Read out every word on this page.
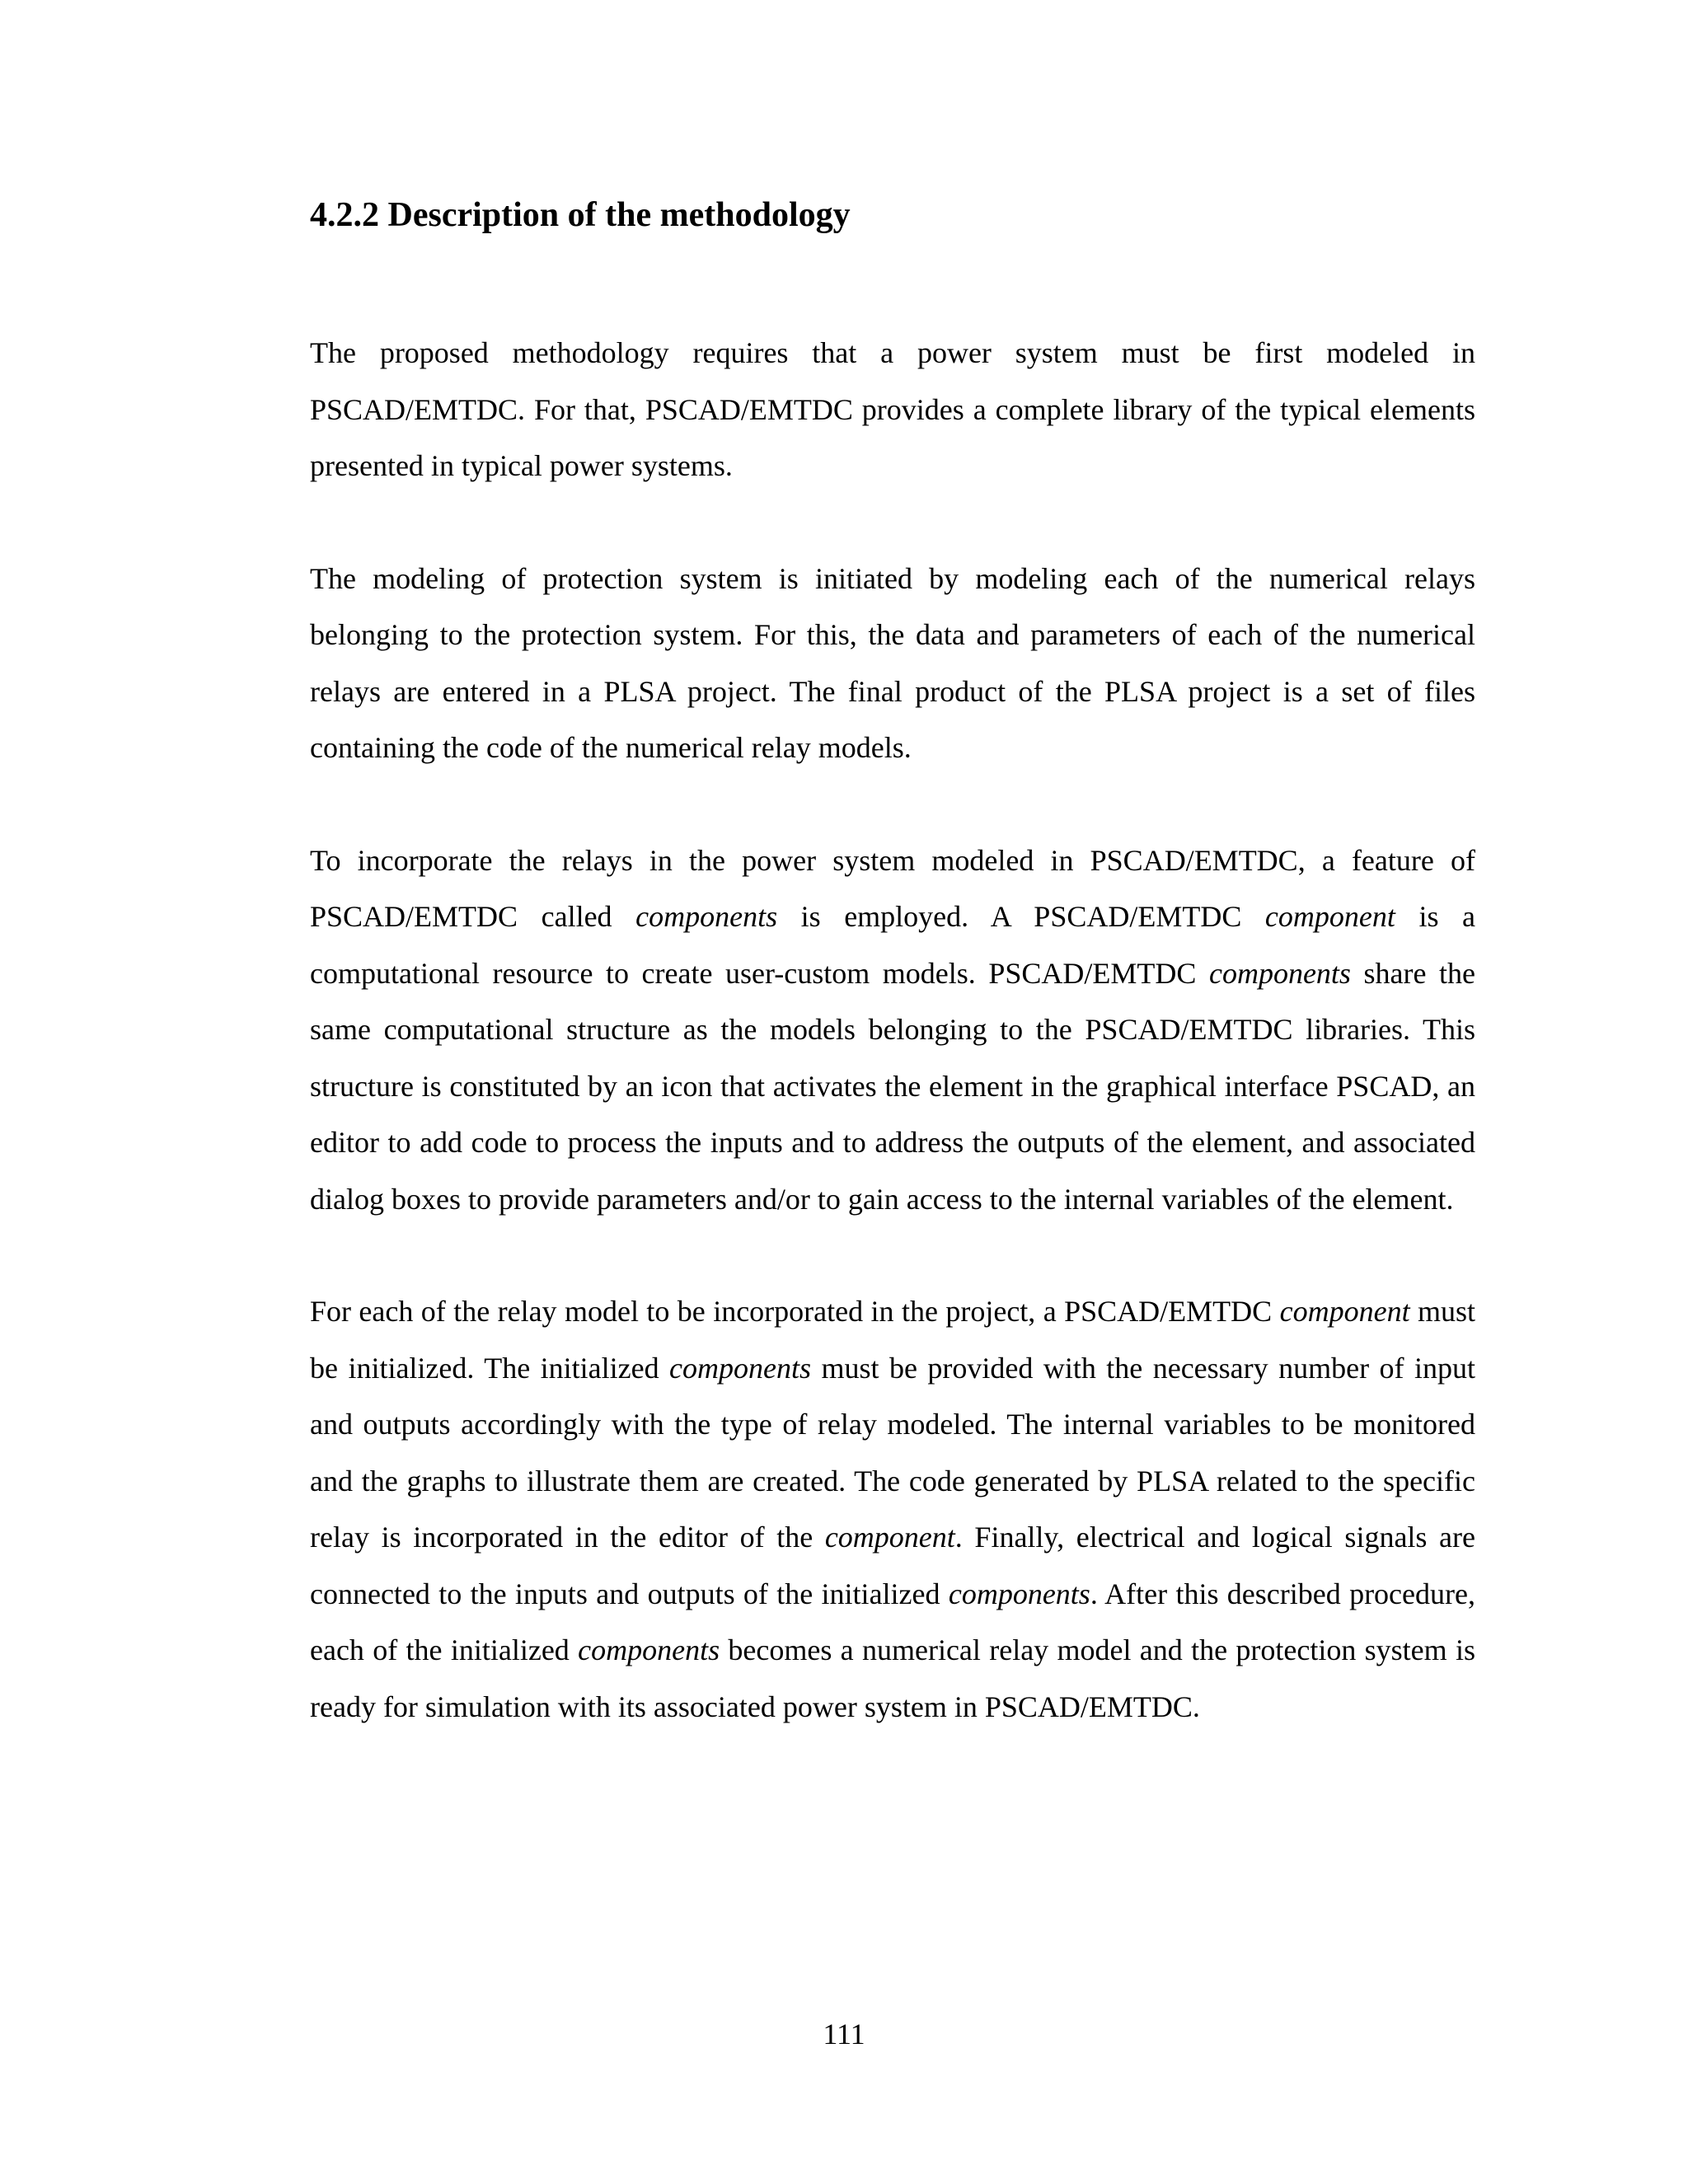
4.2.2 Description of the methodology

The proposed methodology requires that a power system must be first modeled in PSCAD/EMTDC. For that, PSCAD/EMTDC provides a complete library of the typical elements presented in typical power systems.

The modeling of protection system is initiated by modeling each of the numerical relays belonging to the protection system. For this, the data and parameters of each of the numerical relays are entered in a PLSA project. The final product of the PLSA project is a set of files containing the code of the numerical relay models.

To incorporate the relays in the power system modeled in PSCAD/EMTDC, a feature of PSCAD/EMTDC called components is employed. A PSCAD/EMTDC component is a computational resource to create user-custom models. PSCAD/EMTDC components share the same computational structure as the models belonging to the PSCAD/EMTDC libraries. This structure is constituted by an icon that activates the element in the graphical interface PSCAD, an editor to add code to process the inputs and to address the outputs of the element, and associated dialog boxes to provide parameters and/or to gain access to the internal variables of the element.

For each of the relay model to be incorporated in the project, a PSCAD/EMTDC component must be initialized. The initialized components must be provided with the necessary number of input and outputs accordingly with the type of relay modeled. The internal variables to be monitored and the graphs to illustrate them are created. The code generated by PLSA related to the specific relay is incorporated in the editor of the component. Finally, electrical and logical signals are connected to the inputs and outputs of the initialized components. After this described procedure, each of the initialized components becomes a numerical relay model and the protection system is ready for simulation with its associated power system in PSCAD/EMTDC.

111
